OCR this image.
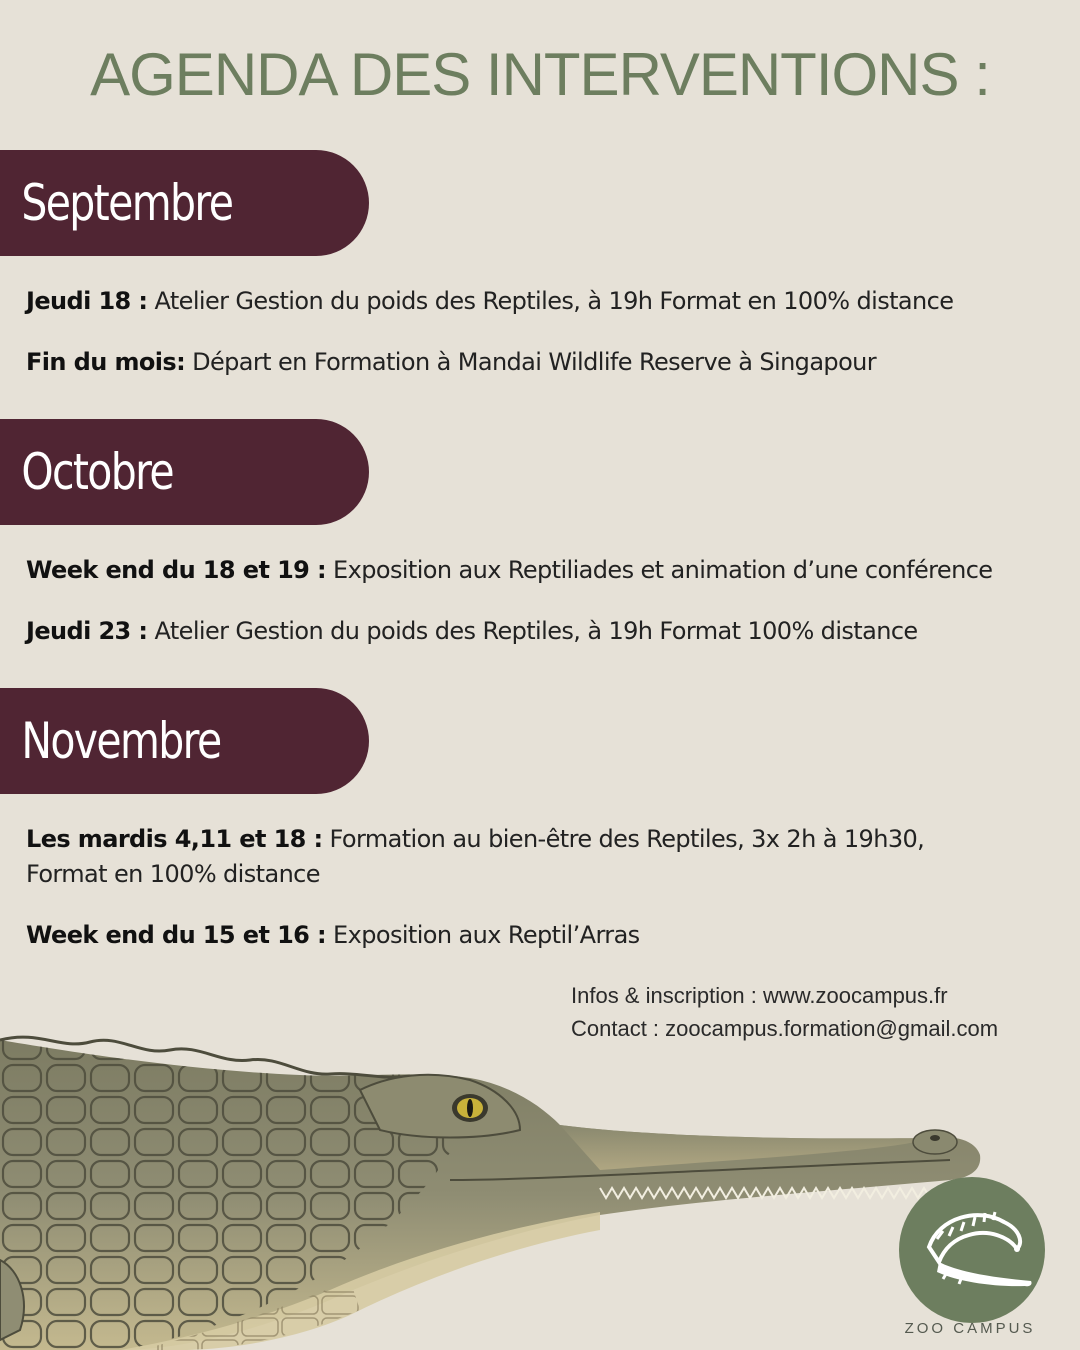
AGENDA DES INTERVENTIONS :
Septembre

Jeudi 18 : Atelier Gestion du poids des Reptiles, à 19h Format en 100% distance

Fin du mois: Départ en Formation à Mandai Wildlife Reserve à Singapour

Octobre

Week end du 18 et 19 : Exposition aux Reptiliades et animation d’une conférence

Jeudi 23 : Atelier Gestion du poids des Reptiles, à 19h Format 100% distance

Novembre

Les mardis 4,11 et 18 : Formation au bien-être des Reptiles, 3x 2h à 19h30,
Format en 100% distance

Week end du 15 et 16 : Exposition aux Reptil’Arras

Infos & inscription : www.zoocampus.fr
Contact : zoocampus.formation@gmail.com
ZOO CAMPUS
